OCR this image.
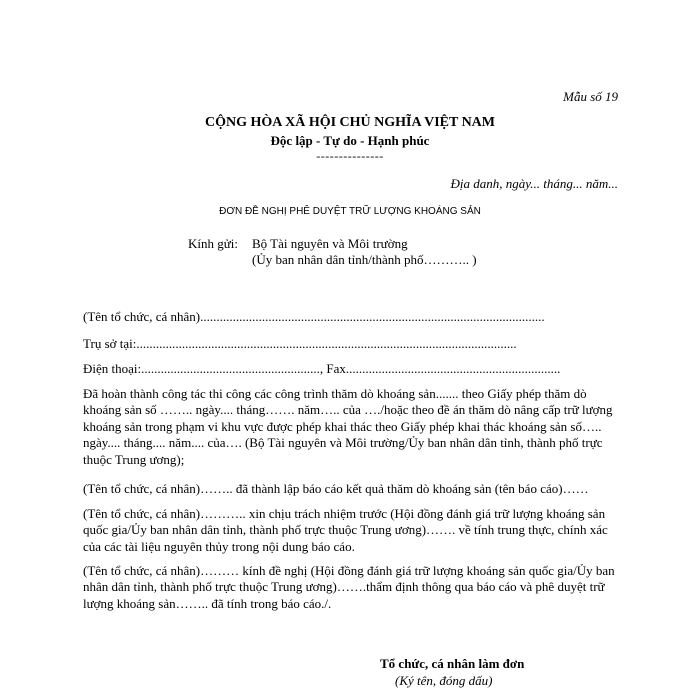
Mẫu số 19
CỘNG HÒA XÃ HỘI CHỦ NGHĨA VIỆT NAM
Độc lập - Tự do - Hạnh phúc
---------------
Địa danh, ngày... tháng... năm...
ĐƠN ĐỀ NGHỊ PHÊ DUYỆT TRỮ LƯỢNG KHOÁNG SẢN
Kính gửi: Bộ Tài nguyên và Môi trường
(Ủy ban nhân dân tỉnh/thành phố……….. )
(Tên tổ chức, cá nhân)..........................................................................................................
Trụ sở tại:.....................................................................................................................
Điện thoại:......................................................., Fax..................................................................
Đã hoàn thành công tác thi công các công trình thăm dò khoáng sản....... theo Giấy phép thăm dò khoáng sản số …….. ngày.... tháng……. năm….. của …./hoặc theo đề án thăm dò nâng cấp trữ lượng khoáng sản trong phạm vi khu vực được phép khai thác theo Giấy phép khai thác khoáng sản số….. ngày.... tháng.... năm.... của…. (Bộ Tài nguyên và Môi trường/Ủy ban nhân dân tỉnh, thành phố trực thuộc Trung ương);
(Tên tổ chức, cá nhân)…….. đã thành lập báo cáo kết quả thăm dò khoáng sản (tên báo cáo)……
(Tên tổ chức, cá nhân)……….. xin chịu trách nhiệm trước (Hội đồng đánh giá trữ lượng khoáng sản quốc gia/Ủy ban nhân dân tỉnh, thành phố trực thuộc Trung ương)……. về tính trung thực, chính xác của các tài liệu nguyên thủy trong nội dung báo cáo.
(Tên tổ chức, cá nhân)……… kính đề nghị (Hội đồng đánh giá trữ lượng khoáng sản quốc gia/Ủy ban nhân dân tỉnh, thành phố trực thuộc Trung ương)…….thẩm định thông qua báo cáo và phê duyệt trữ lượng khoáng sản…….. đã tính trong báo cáo./.
Tổ chức, cá nhân làm đơn
(Ký tên, đóng dấu)
